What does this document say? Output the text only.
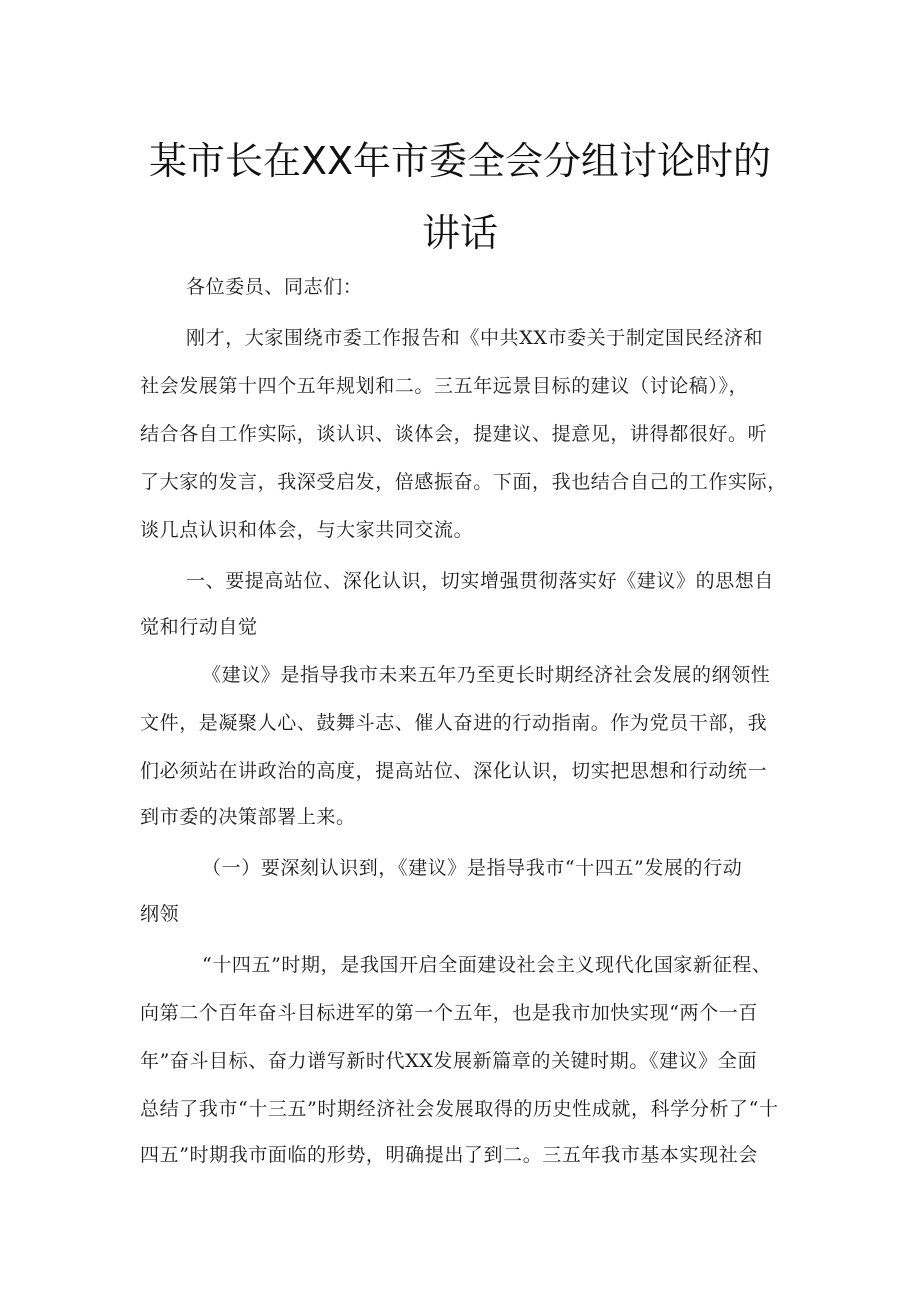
某市长在XX年市委全会分组讨论时的
讲话
各位委员、同志们：
刚才，大家围绕市委工作报告和《中共XX市委关于制定国民经济和
社会发展第十四个五年规划和二。三五年远景目标的建议（讨论稿）》，
结合各自工作实际，谈认识、谈体会，提建议、提意见，讲得都很好。听
了大家的发言，我深受启发，倍感振奋。下面，我也结合自己的工作实际，
谈几点认识和体会，与大家共同交流。
一、要提高站位、深化认识，切实增强贯彻落实好《建议》的思想自
觉和行动自觉
《建议》是指导我市未来五年乃至更长时期经济社会发展的纲领性
文件，是凝聚人心、鼓舞斗志、催人奋进的行动指南。作为党员干部，我
们必须站在讲政治的高度，提高站位、深化认识，切实把思想和行动统一
到市委的决策部署上来。
（一）要深刻认识到，《建议》是指导我市“十四五”发展的行动
纲领
“十四五”时期，是我国开启全面建设社会主义现代化国家新征程、
向第二个百年奋斗目标进军的第一个五年，也是我市加快实现“两个一百
年”奋斗目标、奋力谱写新时代XX发展新篇章的关键时期。《建议》全面
总结了我市“十三五”时期经济社会发展取得的历史性成就，科学分析了“十
四五”时期我市面临的形势，明确提出了到二。三五年我市基本实现社会
